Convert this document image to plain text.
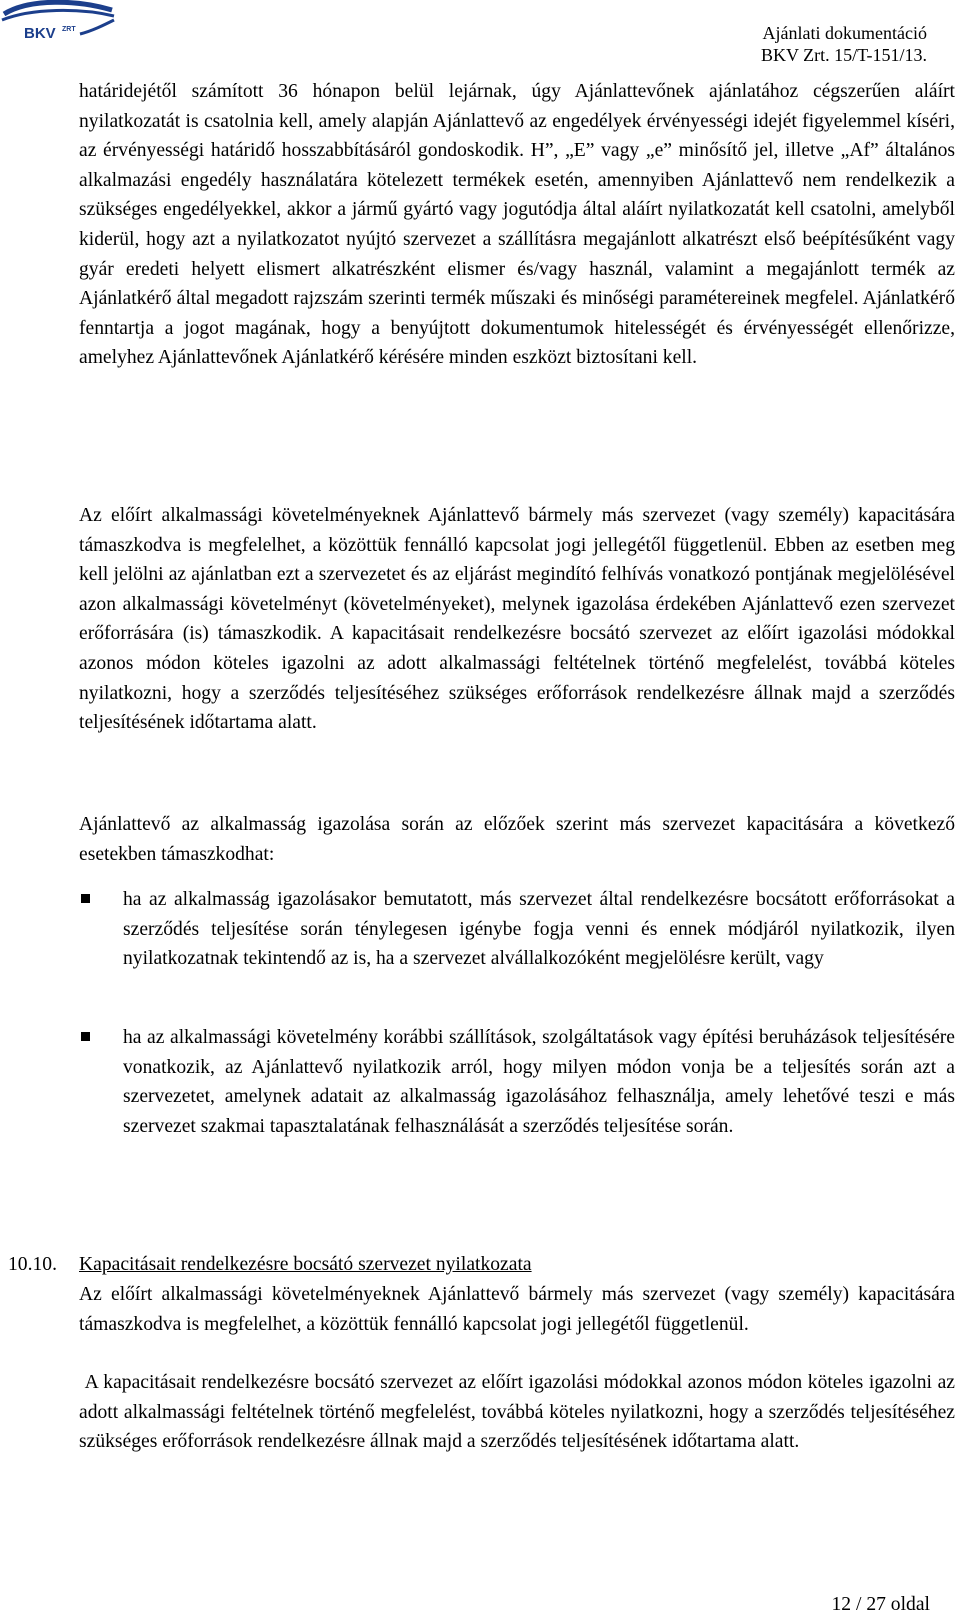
BKV ZRT	Ajánlati dokumentáció
BKV Zrt. 15/T-151/13.

határidejétől számított 36 hónapon belül lejárnak, úgy Ajánlattevőnek ajánlatához cégszerűen aláírt nyilatkozatát is csatolnia kell, amely alapján Ajánlattevő az engedélyek érvényességi idejét figyelemmel kíséri, az érvényességi határidő hosszabbításáról gondoskodik. H”, „E” vagy „e” minősítő jel, illetve „Af” általános alkalmazási engedély használatára kötelezett termékek esetén, amennyiben Ajánlattevő nem rendelkezik a szükséges engedélyekkel, akkor a jármű gyártó vagy jogutódja által aláírt nyilatkozatát kell csatolni, amelyből kiderül, hogy azt a nyilatkozatot nyújtó szervezet a szállításra megajánlott alkatrészt első beépítésűként vagy gyár eredeti helyett elismert alkatrészként elismer és/vagy használ, valamint a megajánlott termék az Ajánlatkérő által megadott rajzszám szerinti termék műszaki és minőségi paramétereinek megfelel. Ajánlatkérő fenntartja a jogot magának, hogy a benyújtott dokumentumok hitelességét és érvényességét ellenőrizze, amelyhez Ajánlattevőnek Ajánlatkérő kérésére minden eszközt biztosítani kell.

Az előírt alkalmassági követelményeknek Ajánlattevő bármely más szervezet (vagy személy) kapacitására támaszkodva is megfelelhet, a közöttük fennálló kapcsolat jogi jellegétől függetlenül. Ebben az esetben meg kell jelölni az ajánlatban ezt a szervezetet és az eljárást megindító felhívás vonatkozó pontjának megjelölésével azon alkalmassági követelményt (követelményeket), melynek igazolása érdekében Ajánlattevő ezen szervezet erőforrására (is) támaszkodik. A kapacitásait rendelkezésre bocsátó szervezet az előírt igazolási módokkal azonos módon köteles igazolni az adott alkalmassági feltételnek történő megfelelést, továbbá köteles nyilatkozni, hogy a szerződés teljesítéséhez szükséges erőforrások rendelkezésre állnak majd a szerződés teljesítésének időtartama alatt.

Ajánlattevő az alkalmasság igazolása során az előzőek szerint más szervezet kapacitására a következő esetekben támaszkodhat:

ha az alkalmasság igazolásakor bemutatott, más szervezet által rendelkezésre bocsátott erőforrásokat a szerződés teljesítése során ténylegesen igénybe fogja venni és ennek módjáról nyilatkozik, ilyen nyilatkozatnak tekintendő az is, ha a szervezet alvállalkozóként megjelölésre került, vagy

ha az alkalmassági követelmény korábbi szállítások, szolgáltatások vagy építési beruházások teljesítésére vonatkozik, az Ajánlattevő nyilatkozik arról, hogy milyen módon vonja be a teljesítés során azt a szervezetet, amelynek adatait az alkalmasság igazolásához felhasználja, amely lehetővé teszi e más szervezet szakmai tapasztalatának felhasználását a szerződés teljesítése során.

10.10. Kapacitásait rendelkezésre bocsátó szervezet nyilatkozata

Az előírt alkalmassági követelményeknek Ajánlattevő bármely más szervezet (vagy személy) kapacitására támaszkodva is megfelelhet, a közöttük fennálló kapcsolat jogi jellegétől függetlenül.

A kapacitásait rendelkezésre bocsátó szervezet az előírt igazolási módokkal azonos módon köteles igazolni az adott alkalmassági feltételnek történő megfelelést, továbbá köteles nyilatkozni, hogy a szerződés teljesítéséhez szükséges erőforrások rendelkezésre állnak majd a szerződés teljesítésének időtartama alatt.

12 / 27 oldal
